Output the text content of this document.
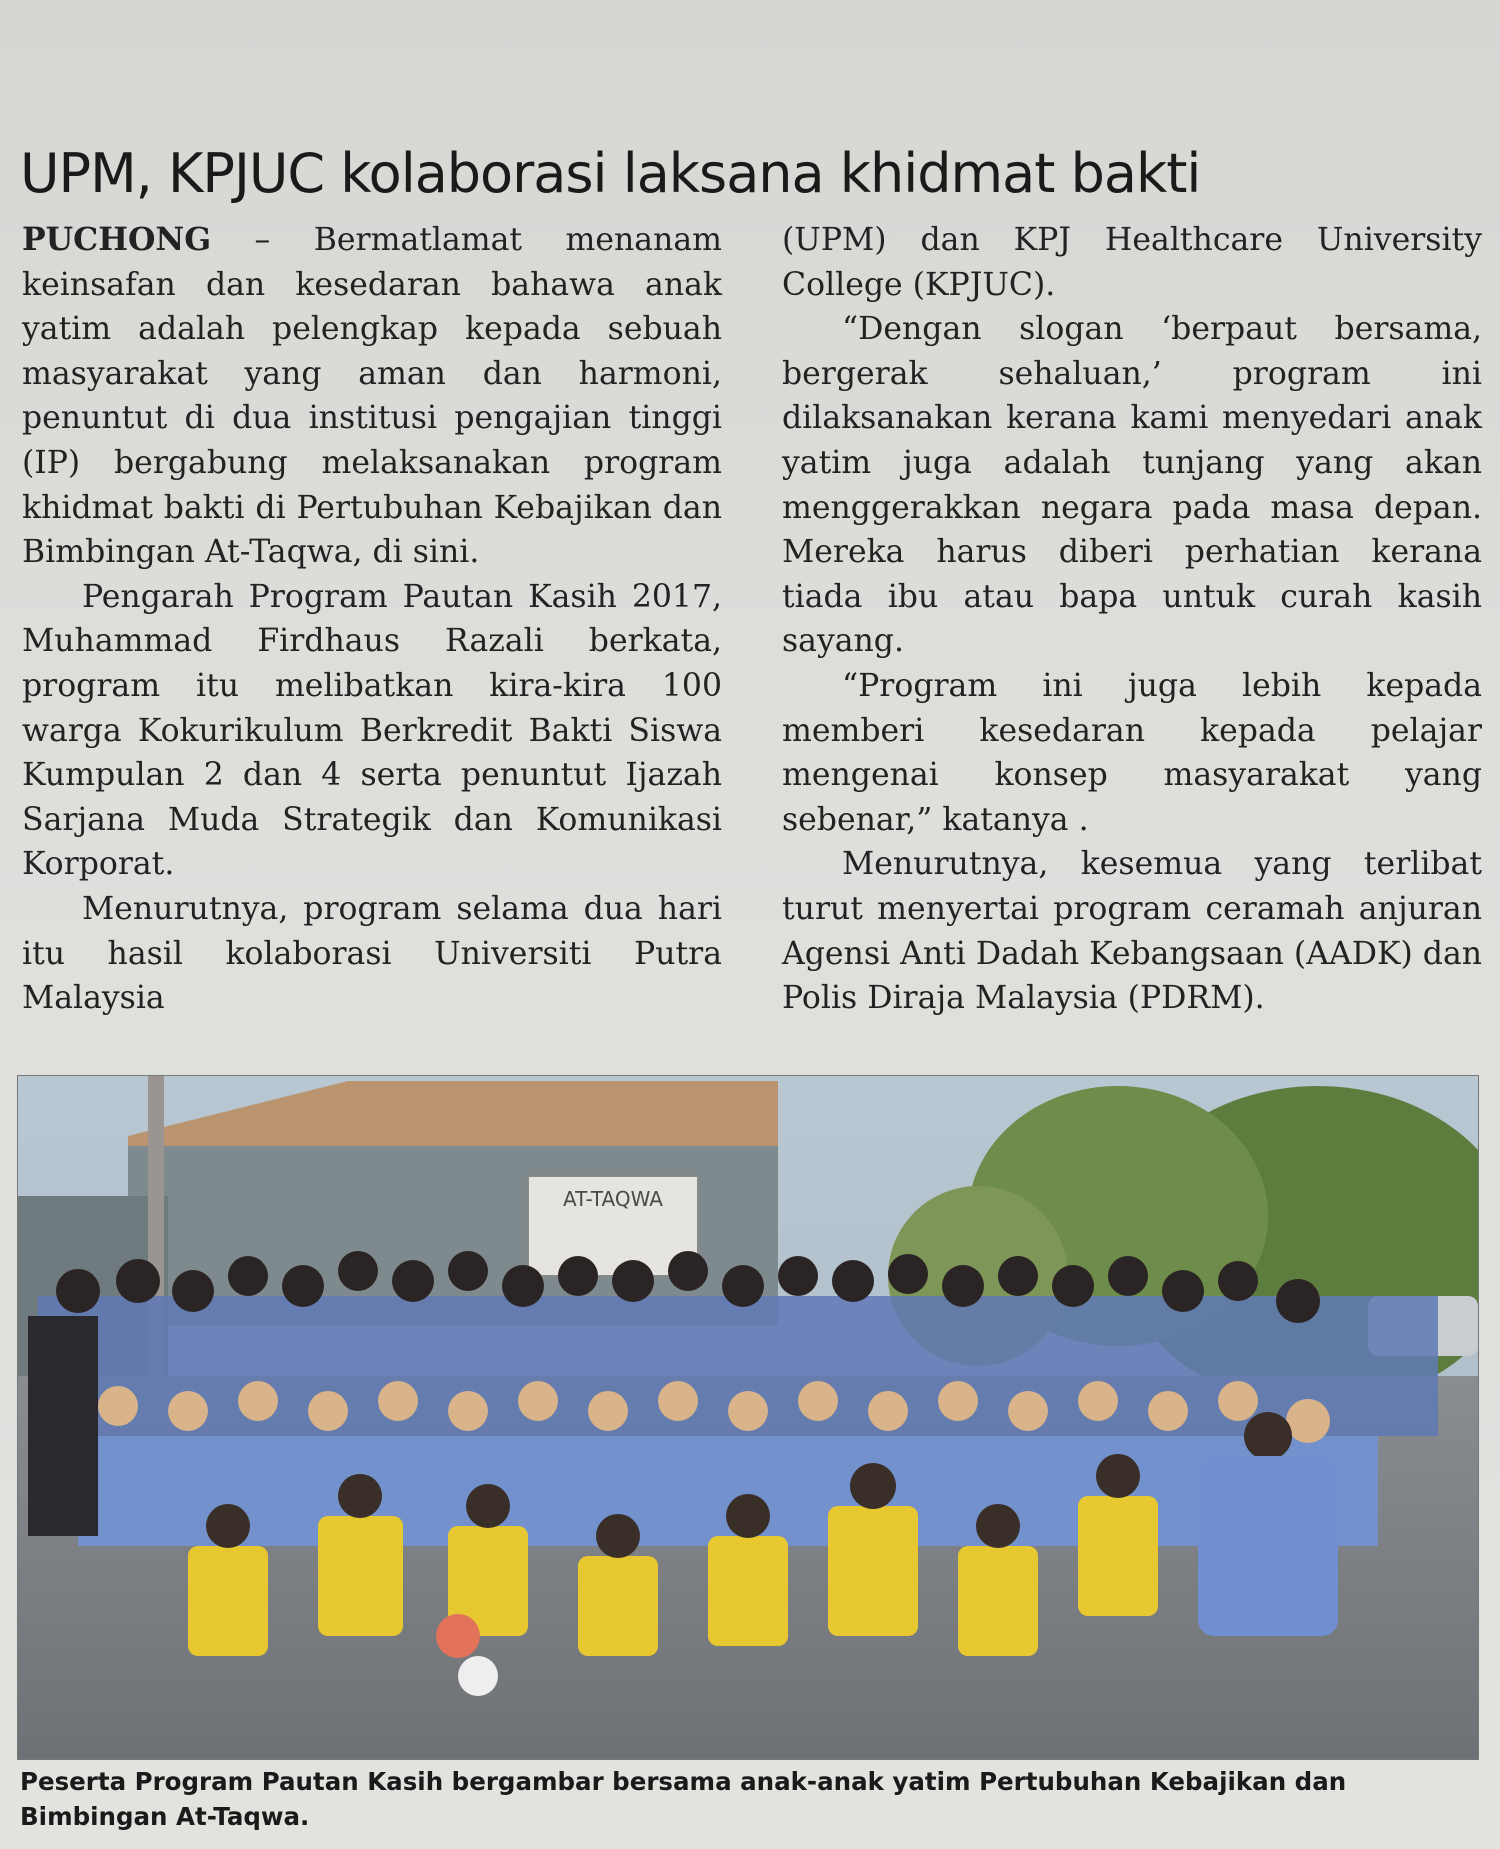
UPM, KPJUC kolaborasi laksana khidmat bakti

PUCHONG – Bermatlamat menanam keinsafan dan kesedaran bahawa anak yatim adalah pelengkap kepada sebuah masyarakat yang aman dan harmoni, penuntut di dua institusi pengajian tinggi (IP) bergabung melaksanakan program khidmat bakti di Pertubuhan Kebajikan dan Bimbingan At-Taqwa, di sini.

Pengarah Program Pautan Kasih 2017, Muhammad Firdhaus Razali berkata, program itu melibatkan kira-kira 100 warga Kokurikulum Berkredit Bakti Siswa Kumpulan 2 dan 4 serta penuntut Ijazah Sarjana Muda Strategik dan Komunikasi Korporat.

Menurutnya, program selama dua hari itu hasil kolaborasi Universiti Putra Malaysia

(UPM) dan KPJ Healthcare University College (KPJUC).

“Dengan slogan ‘berpaut bersama, bergerak sehaluan,’ program ini dilaksanakan kerana kami menyedari anak yatim juga adalah tunjang yang akan menggerakkan negara pada masa depan. Mereka harus diberi perhatian kerana tiada ibu atau bapa untuk curah kasih sayang.

“Program ini juga lebih kepada memberi kesedaran kepada pelajar mengenai konsep masyarakat yang sebenar,” katanya .

Menurutnya, kesemua yang terlibat turut menyertai program ceramah anjuran Agensi Anti Dadah Kebangsaan (AADK) dan Polis Diraja Malaysia (PDRM).

AT-TAQWA
Peserta Program Pautan Kasih bergambar bersama anak-anak yatim Pertubuhan Kebajikan dan Bimbingan At-Taqwa.
